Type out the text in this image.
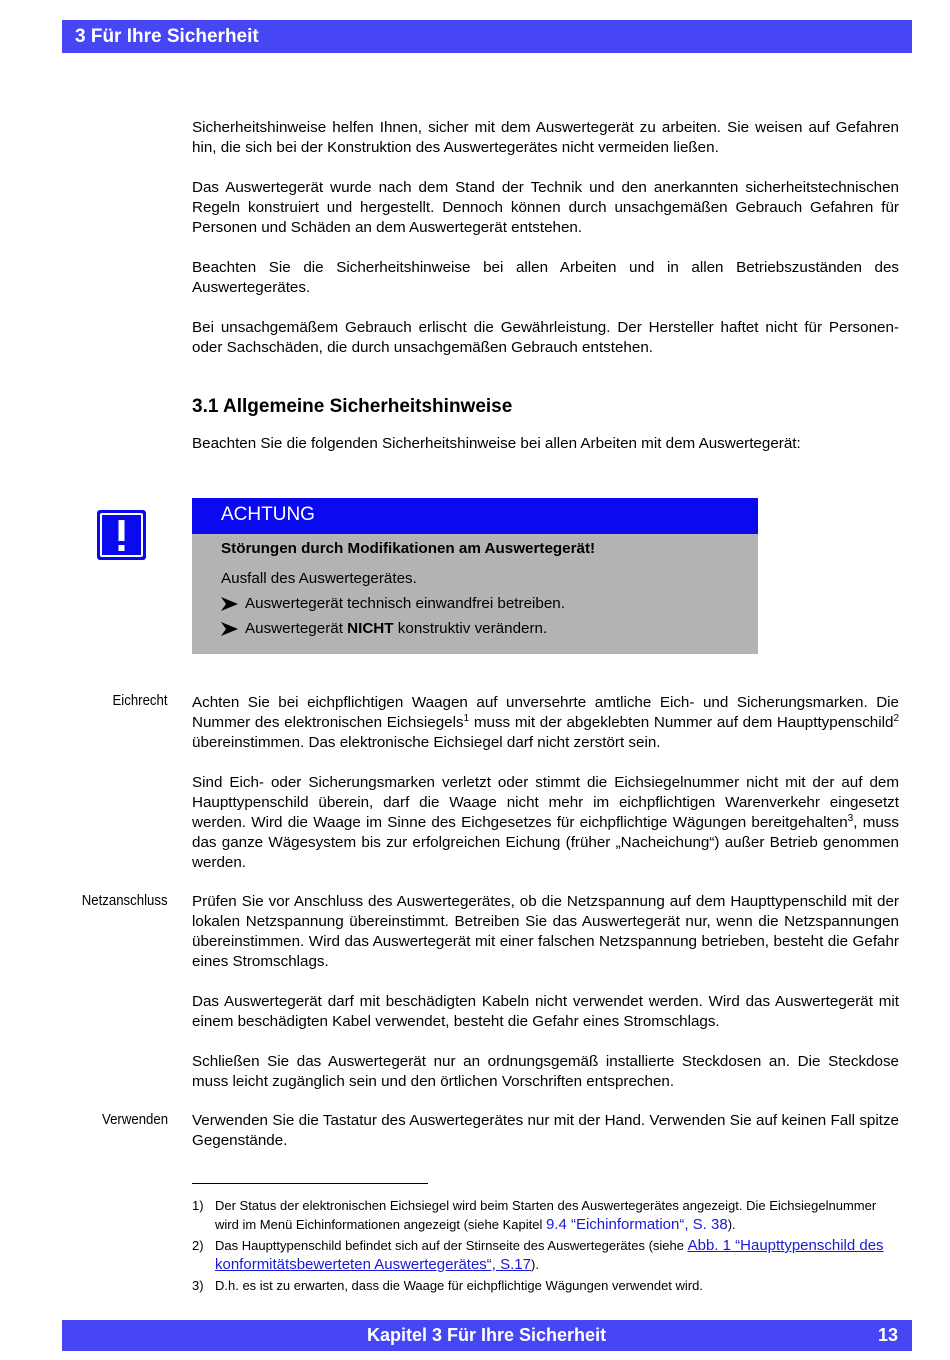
3 Für Ihre Sicherheit

Sicherheitshinweise helfen Ihnen, sicher mit dem Auswertegerät zu arbeiten. Sie weisen auf Gefahren hin, die sich bei der Konstruktion des Auswertegerätes nicht vermeiden ließen.

Das Auswertegerät wurde nach dem Stand der Technik und den anerkannten sicherheitstechnischen Regeln konstruiert und hergestellt. Dennoch können durch unsachgemäßen Gebrauch Gefahren für Personen und Schäden an dem Auswertegerät entstehen.

Beachten Sie die Sicherheitshinweise bei allen Arbeiten und in allen Betriebszuständen des Auswertegerätes.

Bei unsachgemäßem Gebrauch erlischt die Gewährleistung. Der Hersteller haftet nicht für Personen- oder Sachschäden, die durch unsachgemäßen Gebrauch entstehen.

3.1 Allgemeine Sicherheitshinweise

Beachten Sie die folgenden Sicherheitshinweise bei allen Arbeiten mit dem Auswertegerät:

ACHTUNG
Störungen durch Modifikationen am Auswertegerät!
Ausfall des Auswertegerätes.
Auswertegerät technisch einwandfrei betreiben.
Auswertegerät NICHT konstruktiv verändern.
Eichrecht Achten Sie bei eichpflichtigen Waagen auf unversehrte amtliche Eich- und Sicherungsmarken. Die Nummer des elektronischen Eichsiegels$^1$ muss mit der abgeklebten Nummer auf dem Haupttypenschild$^2$ übereinstimmen. Das elektronische Eichsiegel darf nicht zerstört sein.

Sind Eich- oder Sicherungsmarken verletzt oder stimmt die Eichsiegelnummer nicht mit der auf dem Haupttypenschild überein, darf die Waage nicht mehr im eichpflichtigen Warenverkehr eingesetzt werden. Wird die Waage im Sinne des Eichgesetzes für eichpflichtige Wägungen bereitgehalten$^3$, muss das ganze Wägesystem bis zur erfolgreichen Eichung (früher „Nacheichung“) außer Betrieb genommen werden.

Netzanschluss Prüfen Sie vor Anschluss des Auswertegerätes, ob die Netzspannung auf dem Haupttypenschild mit der lokalen Netzspannung übereinstimmt. Betreiben Sie das Auswertegerät nur, wenn die Netzspannungen übereinstimmen. Wird das Auswertegerät mit einer falschen Netzspannung betrieben, besteht die Gefahr eines Stromschlags.

Das Auswertegerät darf mit beschädigten Kabeln nicht verwendet werden. Wird das Auswertegerät mit einem beschädigten Kabel verwendet, besteht die Gefahr eines Stromschlags.

Schließen Sie das Auswertegerät nur an ordnungsgemäß installierte Steckdosen an. Die Steckdose muss leicht zugänglich sein und den örtlichen Vorschriften entsprechen.

Verwenden Verwenden Sie die Tastatur des Auswertegerätes nur mit der Hand. Verwenden Sie auf keinen Fall spitze Gegenstände.

1) Der Status der elektronischen Eichsiegel wird beim Starten des Auswertegerätes angezeigt. Die Eichsiegelnummer wird im Menü Eichinformationen angezeigt (siehe Kapitel 9.4 “Eichinformation“, S. 38).
2) Das Haupttypenschild befindet sich auf der Stirnseite des Auswertegerätes (siehe Abb. 1 “Haupttypenschild des konformitätsbewerteten Auswertegerätes“, S.17).
3) D.h. es ist zu erwarten, dass die Waage für eichpflichtige Wägungen verwendet wird.
Kapitel 3 Für Ihre Sicherheit	13
